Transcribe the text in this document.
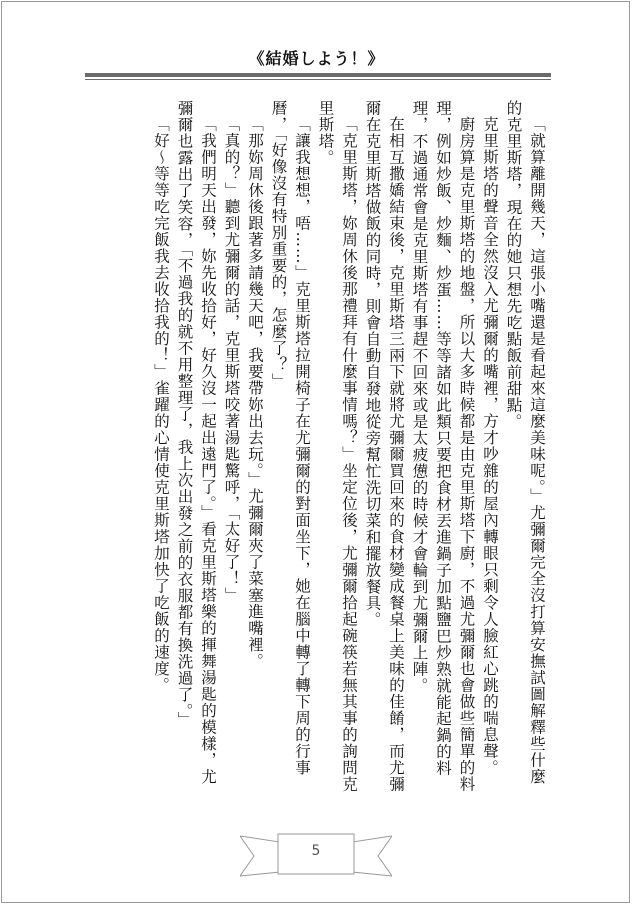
《結婚しよう！》

「就算離開幾天，這張小嘴還是看起來這麼美味呢。」尤彌爾完全沒打算安撫試圖解釋些什麼的克里斯塔，現在的她只想先吃點飯前甜點。

克里斯塔的聲音全然沒入尤彌爾的嘴裡，方才吵雜的屋內轉眼只剩令人臉紅心跳的喘息聲。

廚房算是克里斯塔的地盤，所以大多時候都是由克里斯塔下廚，不過尤彌爾也會做些簡單的料理，例如炒飯、炒麵、炒蛋……等等諸如此類只要把食材丟進鍋子加點鹽巴炒熟就能起鍋的料理，不過通常會是克里斯塔有事趕不回來或是太疲憊的時候才會輪到尤彌爾上陣。

在相互撒嬌結束後，克里斯塔三兩下就將尤彌爾買回來的食材變成餐桌上美味的佳餚，而尤彌爾在克里斯塔做飯的同時，則會自動自發地從旁幫忙洗切菜和擺放餐具。

「克里斯塔，妳周休後那禮拜有什麼事情嗎？」坐定位後，尤彌爾拾起碗筷若無其事的詢問克里斯塔。

「讓我想想，唔……」克里斯塔拉開椅子在尤彌爾的對面坐下，她在腦中轉了轉下周的行事曆，「好像沒有特別重要的，怎麼了？」

「那妳周休後跟著多請幾天吧，我要帶妳出去玩。」尤彌爾夾了菜塞進嘴裡。

「真的？」聽到尤彌爾的話，克里斯塔咬著湯匙驚呼，「太好了！」

「我們明天出發，妳先收拾好，好久沒一起出遠門了。」看克里斯塔樂的揮舞湯匙的模樣，尤彌爾也露出了笑容，「不過我的就不用整理了，我上次出發之前的衣服都有換洗過了。」

「好～等等吃完飯我去收拾我的！」雀躍的心情使克里斯塔加快了吃飯的速度。

5
